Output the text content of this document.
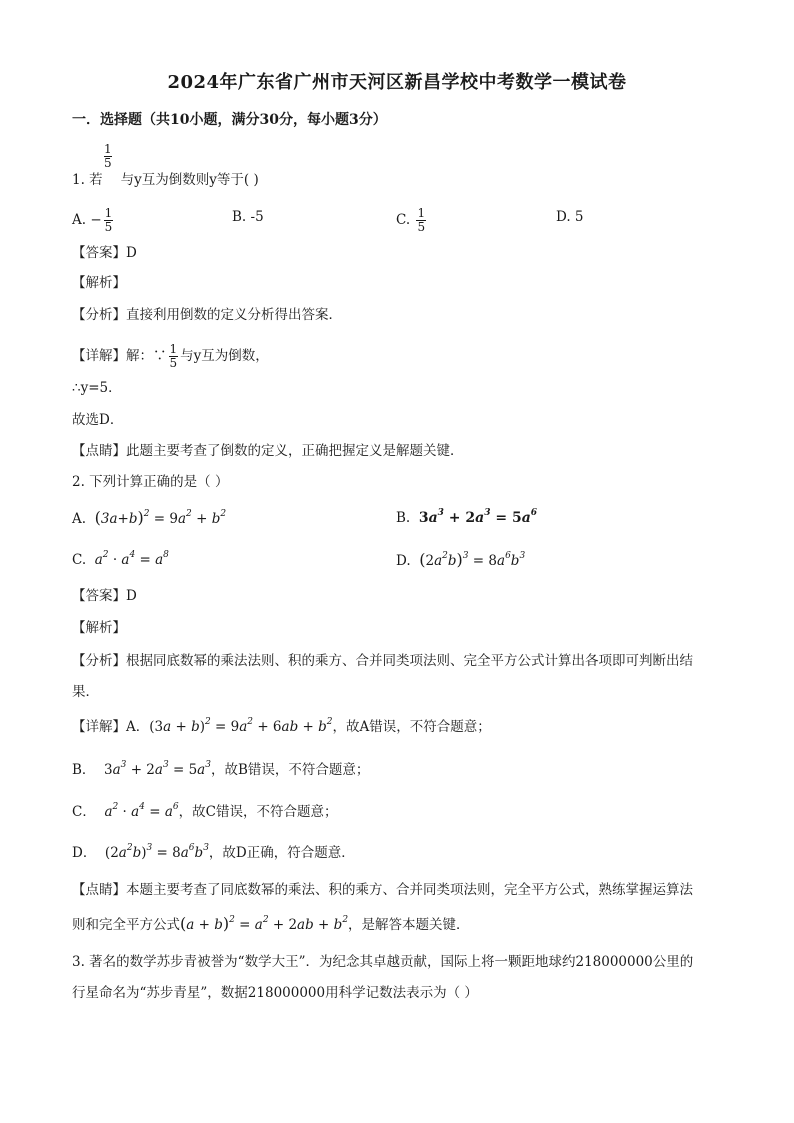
2024年广东省广州市天河区新昌学校中考数学一模试卷
一．选择题（共10小题，满分30分，每小题3分）
$\frac{1}{5}$
1. 若 与y互为倒数则y等于( )
A. − $\frac{1}{5}$	B. -5	C. $\frac{1}{5}$	D. 5
【答案】D
【解析】
【分析】直接利用倒数的定义分析得出答案．
【详解】解：∵ $\frac{1}{5}$ 与y互为倒数，
∴y=5．
故选D．
【点睛】此题主要考查了倒数的定义，正确把握定义是解题关键．
2. 下列计算正确的是（ ）
A. $(3a+b)^2 = 9a^2 + b^2$	B. $3a^3 + 2a^3 = 5a^6$
C. $a^2 \cdot a^4 = a^8$	D. $(2a^2b)^3 = 8a^6b^3$
【答案】D
【解析】
【分析】根据同底数幂的乘法法则、积的乘方、合并同类项法则、完全平方公式计算出各项即可判断出结
果．
【详解】A．$(3a + b)^2 = 9a^2 + 6ab + b^2$，故A错误，不符合题意；
B． $3a^3 + 2a^3 = 5a^3$，故B错误，不符合题意；
C． $a^2 \cdot a^4 = a^6$，故C错误，不符合题意；
D． $(2a^2b)^3 = 8a^6b^3$，故D正确，符合题意．
【点睛】本题主要考查了同底数幂的乘法、积的乘方、合并同类项法则，完全平方公式，熟练掌握运算法
则和完全平方公式$(a + b)^2 = a^2 + 2ab + b^2$，是解答本题关键．
3. 著名的数学苏步青被誉为“数学大王”．为纪念其卓越贡献，国际上将一颗距地球约218000000公里的
行星命名为“苏步青星”，数据218000000用科学记数法表示为（ ）
